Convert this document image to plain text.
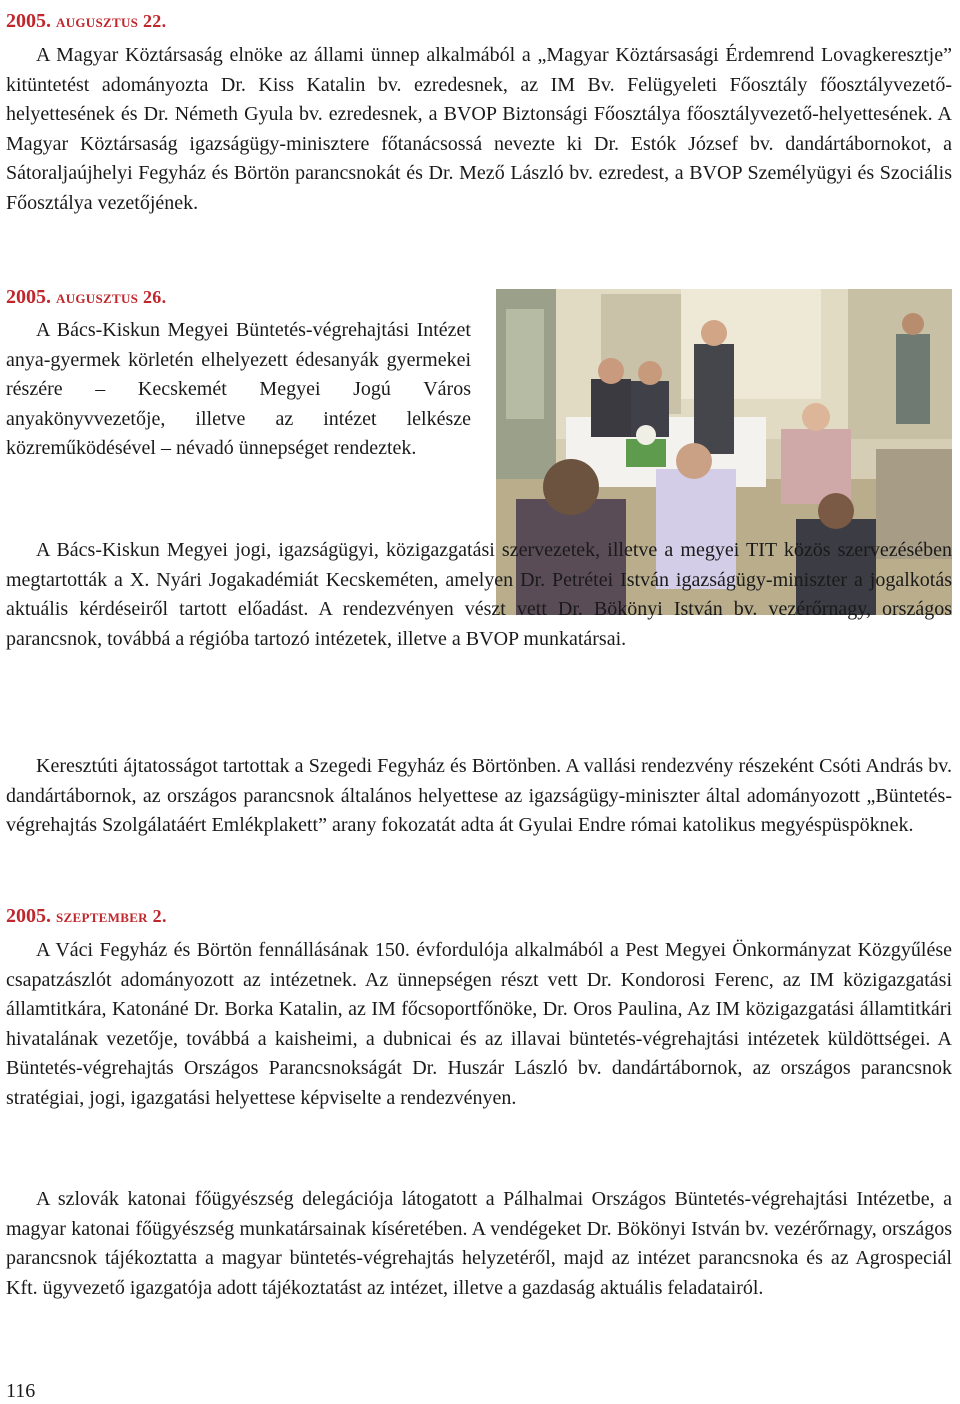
2005. augusztus 22.

A Magyar Köztársaság elnöke az állami ünnep alkalmából a „Magyar Köztársasági Érdemrend Lovagkeresztje” kitüntetést adományozta Dr. Kiss Katalin bv. ezredesnek, az IM Bv. Felügyeleti Főosztály főosztályvezető-helyettesének és Dr. Németh Gyula bv. ezredesnek, a BVOP Biztonsági Főosztálya főosztályvezető-helyettesének. A Magyar Köztársaság igazságügy-minisztere főtanácsossá nevezte ki Dr. Estók József bv. dandártábornokot, a Sátoraljaújhelyi Fegyház és Börtön parancsnokát és Dr. Mező László bv. ezredest, a BVOP Személyügyi és Szociális Főosztálya vezetőjének.

2005. augusztus 26.

A Bács-Kiskun Megyei Büntetés-végrehajtási Intézet anya-gyermek körletén elhelyezett édesanyák gyermekei részére – Kecskemét Megyei Jogú Város anyakönyvvezetője, illetve az intézet lelkésze közreműködésével – névadó ünnepséget rendeztek.

A Bács-Kiskun Megyei jogi, igazságügyi, közigazgatási szervezetek, illetve a megyei TIT közös szervezésében megtartották a X. Nyári Jogakadémiát Kecskeméten, amelyen Dr. Petrétei István igazságügy-miniszter a jogalkotás aktuális kérdéseiről tartott előadást. A rendezvényen vészt vett Dr. Bökönyi István bv. vezérőrnagy, országos parancsnok, továbbá a régióba tartozó intézetek, illetve a BVOP munkatársai.

Keresztúti ájtatosságot tartottak a Szegedi Fegyház és Börtönben. A vallási rendezvény részeként Csóti András bv. dandártábornok, az országos parancsnok általános helyettese az igazságügy-miniszter által adományozott „Büntetés-végrehajtás Szolgálatáért Emlékplakett” arany fokozatát adta át Gyulai Endre római katolikus megyéspüspöknek.

2005. szeptember 2.

A Váci Fegyház és Börtön fennállásának 150. évfordulója alkalmából a Pest Megyei Önkormányzat Közgyűlése csapatzászlót adományozott az intézetnek. Az ünnepségen részt vett Dr. Kondorosi Ferenc, az IM közigazgatási államtitkára, Katonáné Dr. Borka Katalin, az IM főcsoportfőnöke, Dr. Oros Paulina, Az IM közigazgatási államtitkári hivatalának vezetője, továbbá a kaisheimi, a dubnicai és az illavai büntetés-végrehajtási intézetek küldöttségei. A Büntetés-végrehajtás Országos Parancsnokságát Dr. Huszár László bv. dandártábornok, az országos parancsnok stratégiai, jogi, igazgatási helyettese képviselte a rendezvényen.

A szlovák katonai főügyészség delegációja látogatott a Pálhalmai Országos Büntetés-végrehajtási Intézetbe, a magyar katonai főügyészség munkatársainak kíséretében. A vendégeket Dr. Bökönyi István bv. vezérőrnagy, országos parancsnok tájékoztatta a magyar büntetés-végrehajtás helyzetéről, majd az intézet parancsnoka és az Agrospeciál Kft. ügyvezető igazgatója adott tájékoztatást az intézet, illetve a gazdaság aktuális feladatairól.

116
